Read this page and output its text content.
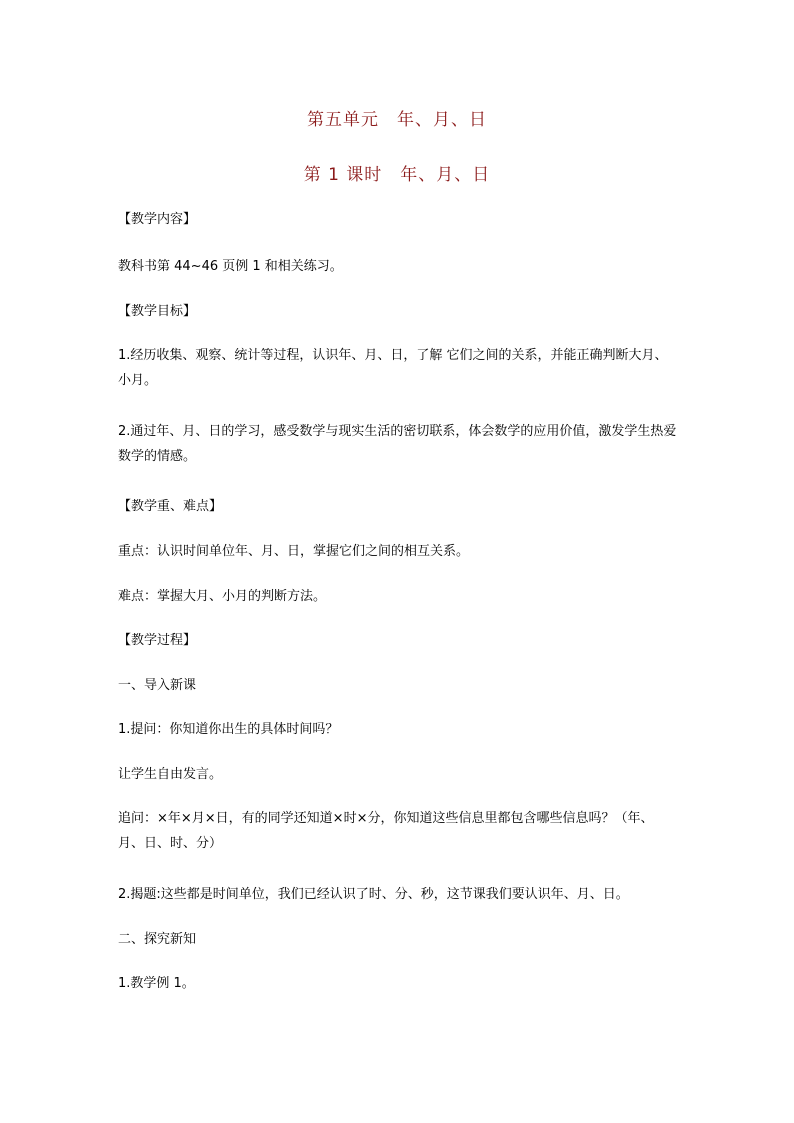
第五单元　年、月、日
第 1 课时　年、月、日
【教学内容】
教科书第 44~46 页例 1 和相关练习。
【教学目标】
1.经历收集、观察、统计等过程，认识年、月、日，了解 它们之间的关系，并能正确判断大月、小月。
2.通过年、月、日的学习，感受数学与现实生活的密切联系，体会数学的应用价值，激发学生热爱数学的情感。
【教学重、难点】
重点：认识时间单位年、月、日，掌握它们之间的相互关系。
难点：掌握大月、小月的判断方法。
【教学过程】
一、导入新课
1.提问：你知道你出生的具体时间吗？
让学生自由发言。
追问：×年×月×日，有的同学还知道×时×分，你知道这些信息里都包含哪些信息吗？（年、月、日、时、分）
2.揭题:这些都是时间单位，我们已经认识了时、分、秒，这节课我们要认识年、月、日。
二、探究新知
1.教学例 1。
